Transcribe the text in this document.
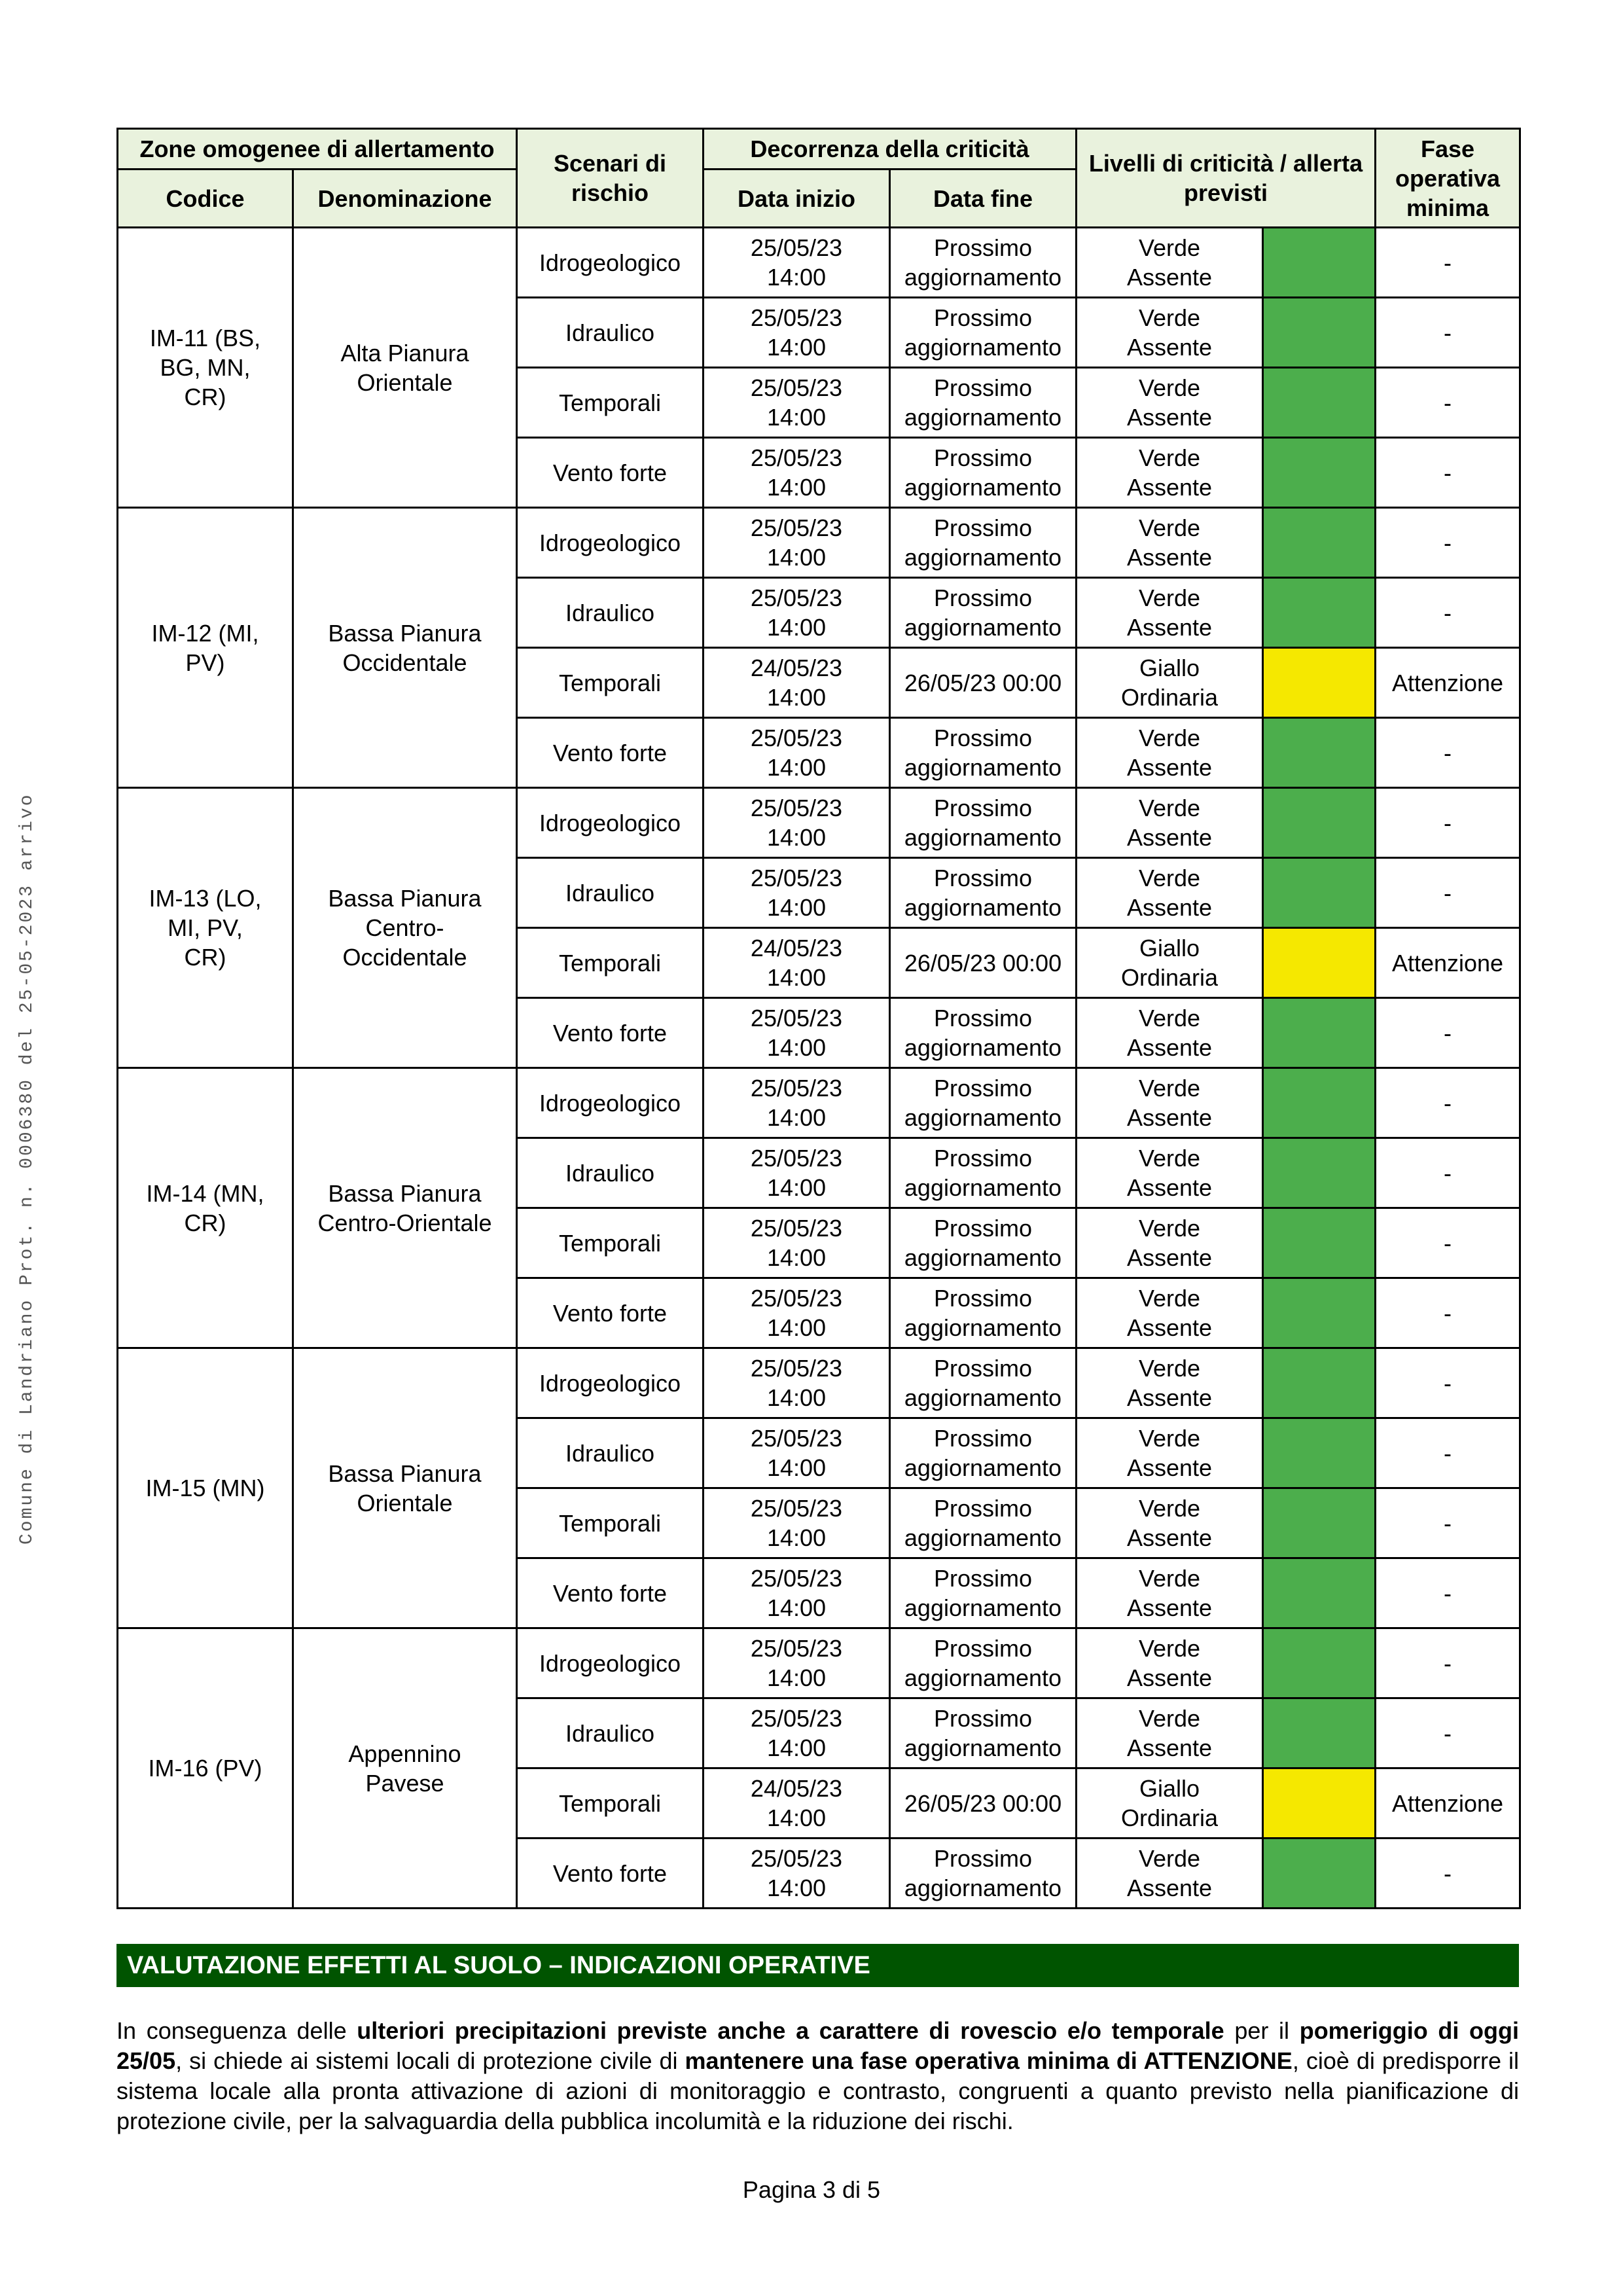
Comune di Landriano Prot. n. 0006380 del 25-05-2023 arrivo
Zone omogenee di allertamento		Scenari di rischio	Decorrenza della criticità		Livelli di criticità / allerta previsti		Fase operativa minima
Codice	Denominazione		Data inizio	Data fine			
IM-11 (BS, BG, MN, CR)	Alta Pianura Orientale	Idrogeologico	25/05/23 14:00	Prossimo aggiornamento	Verde Assente		-
		Idraulico	25/05/23 14:00	Prossimo aggiornamento	Verde Assente		-
		Temporali	25/05/23 14:00	Prossimo aggiornamento	Verde Assente		-
		Vento forte	25/05/23 14:00	Prossimo aggiornamento	Verde Assente		-
IM-12 (MI, PV)	Bassa Pianura Occidentale	Idrogeologico	25/05/23 14:00	Prossimo aggiornamento	Verde Assente		-
		Idraulico	25/05/23 14:00	Prossimo aggiornamento	Verde Assente		-
		Temporali	24/05/23 14:00	26/05/23 00:00	Giallo Ordinaria		Attenzione
		Vento forte	25/05/23 14:00	Prossimo aggiornamento	Verde Assente		-
IM-13 (LO, MI, PV, CR)	Bassa Pianura Centro-Occidentale	Idrogeologico	25/05/23 14:00	Prossimo aggiornamento	Verde Assente		-
		Idraulico	25/05/23 14:00	Prossimo aggiornamento	Verde Assente		-
		Temporali	24/05/23 14:00	26/05/23 00:00	Giallo Ordinaria		Attenzione
		Vento forte	25/05/23 14:00	Prossimo aggiornamento	Verde Assente		-
IM-14 (MN, CR)	Bassa Pianura Centro-Orientale	Idrogeologico	25/05/23 14:00	Prossimo aggiornamento	Verde Assente		-
		Idraulico	25/05/23 14:00	Prossimo aggiornamento	Verde Assente		-
		Temporali	25/05/23 14:00	Prossimo aggiornamento	Verde Assente		-
		Vento forte	25/05/23 14:00	Prossimo aggiornamento	Verde Assente		-
IM-15 (MN)	Bassa Pianura Orientale	Idrogeologico	25/05/23 14:00	Prossimo aggiornamento	Verde Assente		-
		Idraulico	25/05/23 14:00	Prossimo aggiornamento	Verde Assente		-
		Temporali	25/05/23 14:00	Prossimo aggiornamento	Verde Assente		-
		Vento forte	25/05/23 14:00	Prossimo aggiornamento	Verde Assente		-
IM-16 (PV)	Appennino Pavese	Idrogeologico	25/05/23 14:00	Prossimo aggiornamento	Verde Assente		-
		Idraulico	25/05/23 14:00	Prossimo aggiornamento	Verde Assente		-
		Temporali	24/05/23 14:00	26/05/23 00:00	Giallo Ordinaria		Attenzione
		Vento forte	25/05/23 14:00	Prossimo aggiornamento	Verde Assente		-
VALUTAZIONE EFFETTI AL SUOLO – INDICAZIONI OPERATIVE

In conseguenza delle ulteriori precipitazioni previste anche a carattere di rovescio e/o temporale per il pomeriggio di oggi 25/05, si chiede ai sistemi locali di protezione civile di mantenere una fase operativa minima di ATTENZIONE, cioè di predisporre il sistema locale alla pronta attivazione di azioni di monitoraggio e contrasto, congruenti a quanto previsto nella pianificazione di protezione civile, per la salvaguardia della pubblica incolumità e la riduzione dei rischi.

Pagina 3 di 5
